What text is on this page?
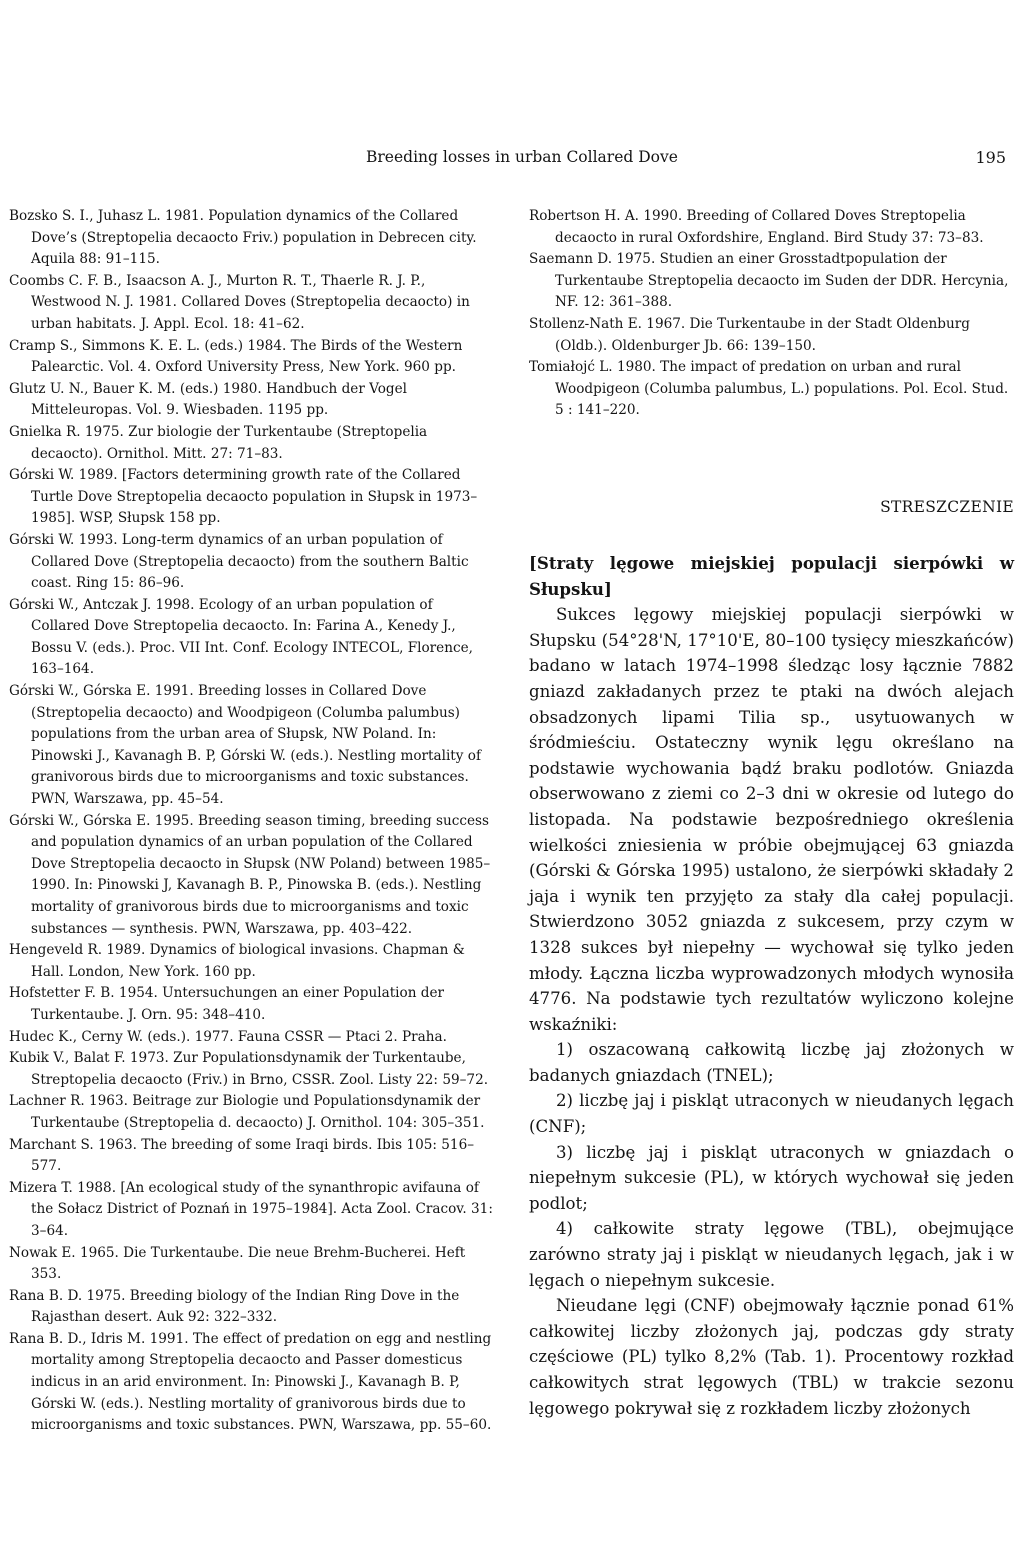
Breeding losses in urban Collared Dove	195

Bozsko S. I., Juhasz L. 1981. Population dynamics of the Collared Dove’s (Streptopelia decaocto Friv.) population in Debrecen city. Aquila 88: 91–115.

Coombs C. F. B., Isaacson A. J., Murton R. T., Thaerle R. J. P., Westwood N. J. 1981. Collared Doves (Streptopelia decaocto) in urban habitats. J. Appl. Ecol. 18: 41–62.

Cramp S., Simmons K. E. L. (eds.) 1984. The Birds of the Western Palearctic. Vol. 4. Oxford University Press, New York. 960 pp.

Glutz U. N., Bauer K. M. (eds.) 1980. Handbuch der Vogel Mitteleuropas. Vol. 9. Wiesbaden. 1195 pp.

Gnielka R. 1975. Zur biologie der Turkentaube (Streptopelia decaocto). Ornithol. Mitt. 27: 71–83.

Górski W. 1989. [Factors determining growth rate of the Collared Turtle Dove Streptopelia decaocto population in Słupsk in 1973–1985]. WSP, Słupsk 158 pp.

Górski W. 1993. Long-term dynamics of an urban population of Collared Dove (Streptopelia decaocto) from the southern Baltic coast. Ring 15: 86–96.

Górski W., Antczak J. 1998. Ecology of an urban population of Collared Dove Streptopelia decaocto. In: Farina A., Kenedy J., Bossu V. (eds.). Proc. VII Int. Conf. Ecology INTECOL, Florence, 163–164.

Górski W., Górska E. 1991. Breeding losses in Collared Dove (Streptopelia decaocto) and Woodpigeon (Columba palumbus) populations from the urban area of Słupsk, NW Poland. In: Pinowski J., Kavanagh B. P, Górski W. (eds.). Nestling mortality of granivorous birds due to microorganisms and toxic substances. PWN, Warszawa, pp. 45–54.

Górski W., Górska E. 1995. Breeding season timing, breeding success and population dynamics of an urban population of the Collared Dove Streptopelia decaocto in Słupsk (NW Poland) between 1985–1990. In: Pinowski J, Kavanagh B. P., Pinowska B. (eds.). Nestling mortality of granivorous birds due to microorganisms and toxic substances — synthesis. PWN, Warszawa, pp. 403–422.

Hengeveld R. 1989. Dynamics of biological invasions. Chapman & Hall. London, New York. 160 pp.

Hofstetter F. B. 1954. Untersuchungen an einer Population der Turkentaube. J. Orn. 95: 348–410.

Hudec K., Cerny W. (eds.). 1977. Fauna CSSR — Ptaci 2. Praha.

Kubik V., Balat F. 1973. Zur Populationsdynamik der Turkentaube, Streptopelia decaocto (Friv.) in Brno, CSSR. Zool. Listy 22: 59–72.

Lachner R. 1963. Beitrage zur Biologie und Populationsdynamik der Turkentaube (Streptopelia d. decaocto) J. Ornithol. 104: 305–351.

Marchant S. 1963. The breeding of some Iraqi birds. Ibis 105: 516–577.

Mizera T. 1988. [An ecological study of the synanthropic avifauna of the Sołacz District of Poznań in 1975–1984]. Acta Zool. Cracov. 31: 3–64.

Nowak E. 1965. Die Turkentaube. Die neue Brehm-Bucherei. Heft 353.

Rana B. D. 1975. Breeding biology of the Indian Ring Dove in the Rajasthan desert. Auk 92: 322–332.

Rana B. D., Idris M. 1991. The effect of predation on egg and nestling mortality among Streptopelia decaocto and Passer domesticus indicus in an arid environment. In: Pinowski J., Kavanagh B. P, Górski W. (eds.). Nestling mortality of granivorous birds due to microorganisms and toxic substances. PWN, Warszawa, pp. 55–60.

Robertson H. A. 1990. Breeding of Collared Doves Streptopelia decaocto in rural Oxfordshire, England. Bird Study 37: 73–83.

Saemann D. 1975. Studien an einer Grosstadtpopulation der Turkentaube Streptopelia decaocto im Suden der DDR. Hercynia, NF. 12: 361–388.

Stollenz-Nath E. 1967. Die Turkentaube in der Stadt Oldenburg (Oldb.). Oldenburger Jb. 66: 139–150.

Tomiałojć L. 1980. The impact of predation on urban and rural Woodpigeon (Columba palumbus, L.) populations. Pol. Ecol. Stud. 5 : 141–220.

STRESZCZENIE

[Straty lęgowe miejskiej populacji sierpówki w Słupsku]

Sukces lęgowy miejskiej populacji sierpówki w Słupsku (54°28'N, 17°10'E, 80–100 tysięcy mieszkańców) badano w latach 1974–1998 śledząc losy łącznie 7882 gniazd zakładanych przez te ptaki na dwóch alejach obsadzonych lipami Tilia sp., usytuowanych w śródmieściu. Ostateczny wynik lęgu określano na podstawie wychowania bądź braku podlotów. Gniazda obserwowano z ziemi co 2–3 dni w okresie od lutego do listopada. Na podstawie bezpośredniego określenia wielkości zniesienia w próbie obejmującej 63 gniazda (Górski & Górska 1995) ustalono, że sierpówki składały 2 jaja i wynik ten przyjęto za stały dla całej populacji. Stwierdzono 3052 gniazda z sukcesem, przy czym w 1328 sukces był niepełny — wychował się tylko jeden młody. Łączna liczba wyprowadzonych młodych wynosiła 4776. Na podstawie tych rezultatów wyliczono kolejne wskaźniki:

1) oszacowaną całkowitą liczbę jaj złożonych w badanych gniazdach (TNEL);

2) liczbę jaj i piskląt utraconych w nieudanych lęgach (CNF);

3) liczbę jaj i piskląt utraconych w gniazdach o niepełnym sukcesie (PL), w których wychował się jeden podlot;

4) całkowite straty lęgowe (TBL), obejmujące zarówno straty jaj i piskląt w nieudanych lęgach, jak i w lęgach o niepełnym sukcesie.

Nieudane lęgi (CNF) obejmowały łącznie ponad 61% całkowitej liczby złożonych jaj, podczas gdy straty częściowe (PL) tylko 8,2% (Tab. 1). Procentowy rozkład całkowitych strat lęgowych (TBL) w trakcie sezonu lęgowego pokrywał się z rozkładem liczby złożonych
